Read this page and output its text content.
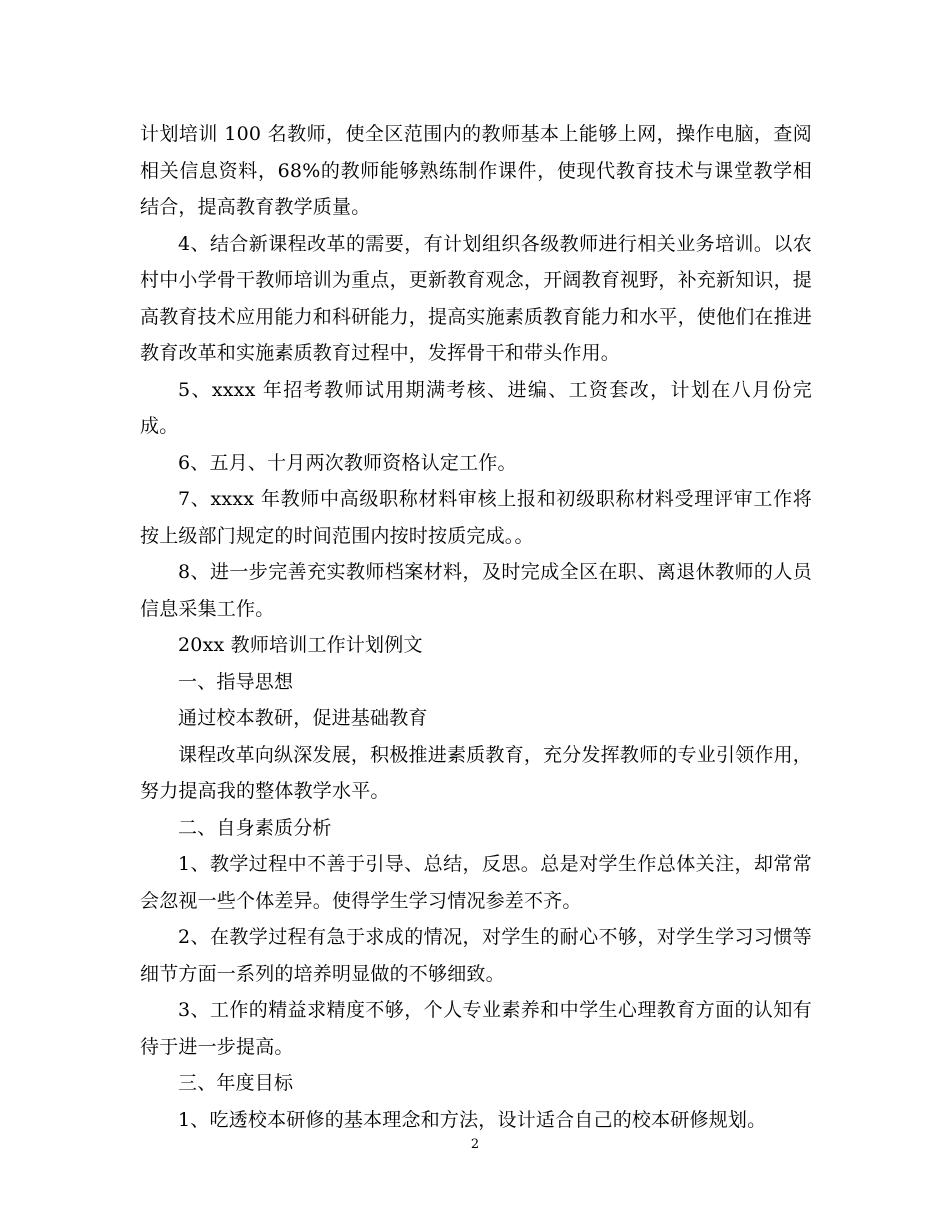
计划培训 100 名教师，使全区范围内的教师基本上能够上网，操作电脑，查阅相关信息资料，68%的教师能够熟练制作课件，使现代教育技术与课堂教学相结合，提高教育教学质量。

4、结合新课程改革的需要，有计划组织各级教师进行相关业务培训。以农村中小学骨干教师培训为重点，更新教育观念，开阔教育视野，补充新知识，提高教育技术应用能力和科研能力，提高实施素质教育能力和水平，使他们在推进教育改革和实施素质教育过程中，发挥骨干和带头作用。

5、xxxx 年招考教师试用期满考核、进编、工资套改，计划在八月份完成。

6、五月、十月两次教师资格认定工作。

7、xxxx 年教师中高级职称材料审核上报和初级职称材料受理评审工作将按上级部门规定的时间范围内按时按质完成。。

8、进一步完善充实教师档案材料，及时完成全区在职、离退休教师的人员信息采集工作。

20xx 教师培训工作计划例文

一、指导思想

通过校本教研，促进基础教育

课程改革向纵深发展，积极推进素质教育，充分发挥教师的专业引领作用，努力提高我的整体教学水平。

二、自身素质分析

1、教学过程中不善于引导、总结，反思。总是对学生作总体关注，却常常会忽视一些个体差异。使得学生学习情况参差不齐。

2、在教学过程有急于求成的情况，对学生的耐心不够，对学生学习习惯等细节方面一系列的培养明显做的不够细致。

3、工作的精益求精度不够，个人专业素养和中学生心理教育方面的认知有待于进一步提高。

三、年度目标

1、吃透校本研修的基本理念和方法，设计适合自己的校本研修规划。

2
